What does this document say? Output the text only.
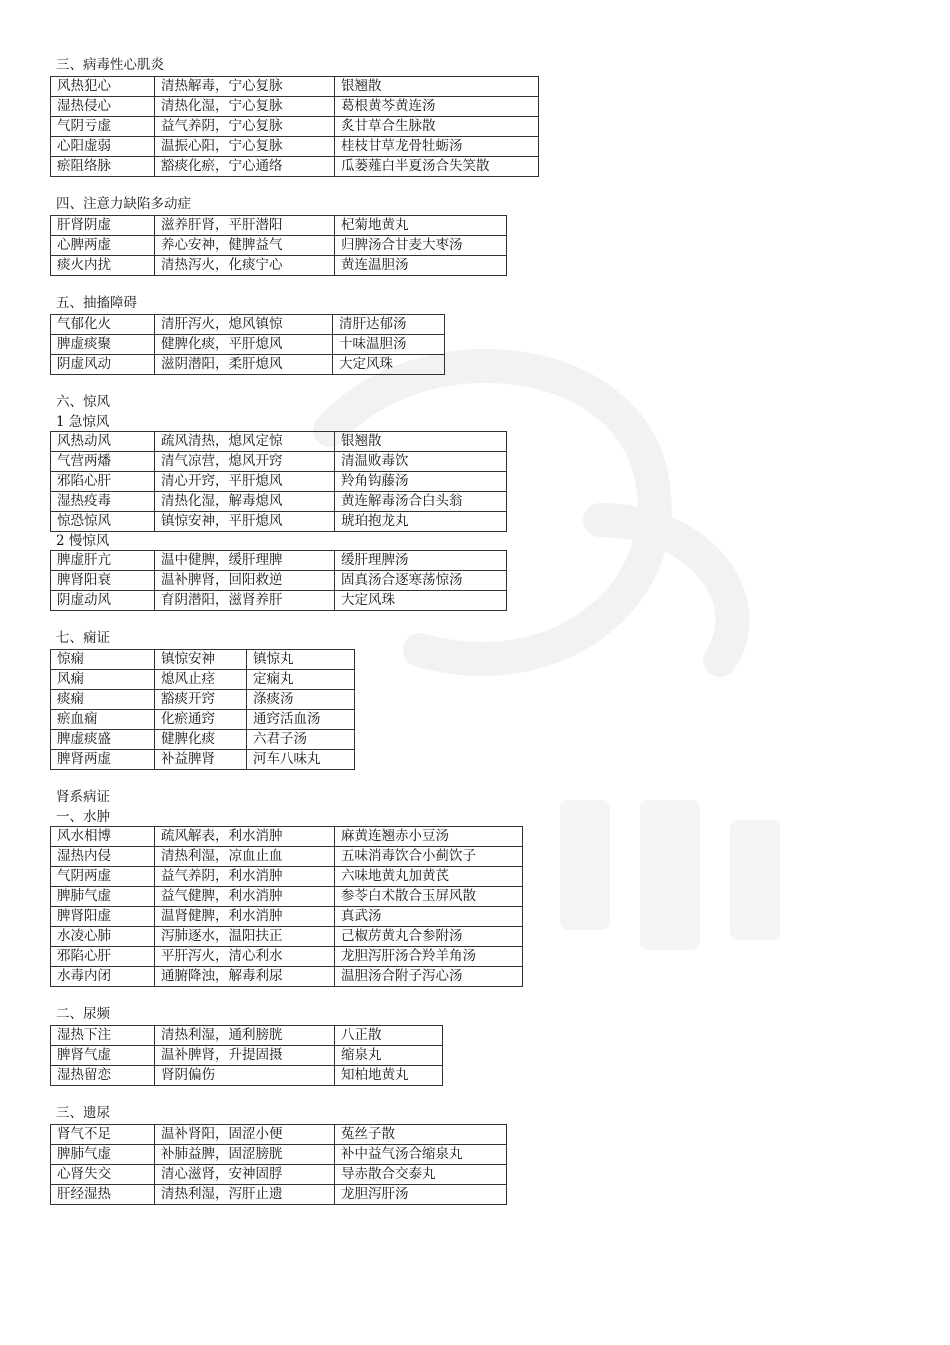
三、病毒性心肌炎
风热犯心	清热解毒，宁心复脉	银翘散
湿热侵心	清热化湿，宁心复脉	葛根黄芩黄连汤
气阴亏虚	益气养阴，宁心复脉	炙甘草合生脉散
心阳虚弱	温振心阳，宁心复脉	桂枝甘草龙骨牡蛎汤
瘀阻络脉	豁痰化瘀，宁心通络	瓜蒌薤白半夏汤合失笑散
四、注意力缺陷多动症
肝肾阴虚	滋养肝肾，平肝潜阳	杞菊地黄丸
心脾两虚	养心安神，健脾益气	归脾汤合甘麦大枣汤
痰火内扰	清热泻火，化痰宁心	黄连温胆汤
五、抽搐障碍
气郁化火	清肝泻火，熄风镇惊	清肝达郁汤
脾虚痰聚	健脾化痰，平肝熄风	十味温胆汤
阴虚风动	滋阴潜阳，柔肝熄风	大定风珠
六、惊风
1 急惊风
风热动风	疏风清热，熄风定惊	银翘散
气营两燔	清气凉营，熄风开窍	清温败毒饮
邪陷心肝	清心开窍，平肝熄风	羚角钩藤汤
湿热疫毒	清热化湿，解毒熄风	黄连解毒汤合白头翁
惊恐惊风	镇惊安神，平肝熄风	琥珀抱龙丸
2 慢惊风
脾虚肝亢	温中健脾，缓肝理脾	缓肝理脾汤
脾肾阳衰	温补脾肾，回阳救逆	固真汤合逐寒荡惊汤
阴虚动风	育阴潜阳，滋肾养肝	大定风珠
七、痫证
惊痫	镇惊安神	镇惊丸
风痫	熄风止痉	定痫丸
痰痫	豁痰开窍	涤痰汤
瘀血痫	化瘀通窍	通窍活血汤
脾虚痰盛	健脾化痰	六君子汤
脾肾两虚	补益脾肾	河车八味丸
肾系病证
一、水肿
风水相博	疏风解表，利水消肿	麻黄连翘赤小豆汤
湿热内侵	清热利湿，凉血止血	五味消毒饮合小蓟饮子
气阴两虚	益气养阴，利水消肿	六味地黄丸加黄芪
脾肺气虚	益气健脾，利水消肿	参苓白术散合玉屏风散
脾肾阳虚	温肾健脾，利水消肿	真武汤
水凌心肺	泻肺逐水，温阳扶正	己椒苈黄丸合参附汤
邪陷心肝	平肝泻火，清心利水	龙胆泻肝汤合羚羊角汤
水毒内闭	通腑降浊，解毒利尿	温胆汤合附子泻心汤
二、尿频
湿热下注	清热利湿，通利膀胱	八正散
脾肾气虚	温补脾肾，升提固摄	缩泉丸
湿热留恋	肾阴偏伤	知柏地黄丸
三、遗尿
肾气不足	温补肾阳，固涩小便	菟丝子散
脾肺气虚	补肺益脾，固涩膀胱	补中益气汤合缩泉丸
心肾失交	清心滋肾，安神固脬	导赤散合交泰丸
肝经湿热	清热利湿，泻肝止遗	龙胆泻肝汤
